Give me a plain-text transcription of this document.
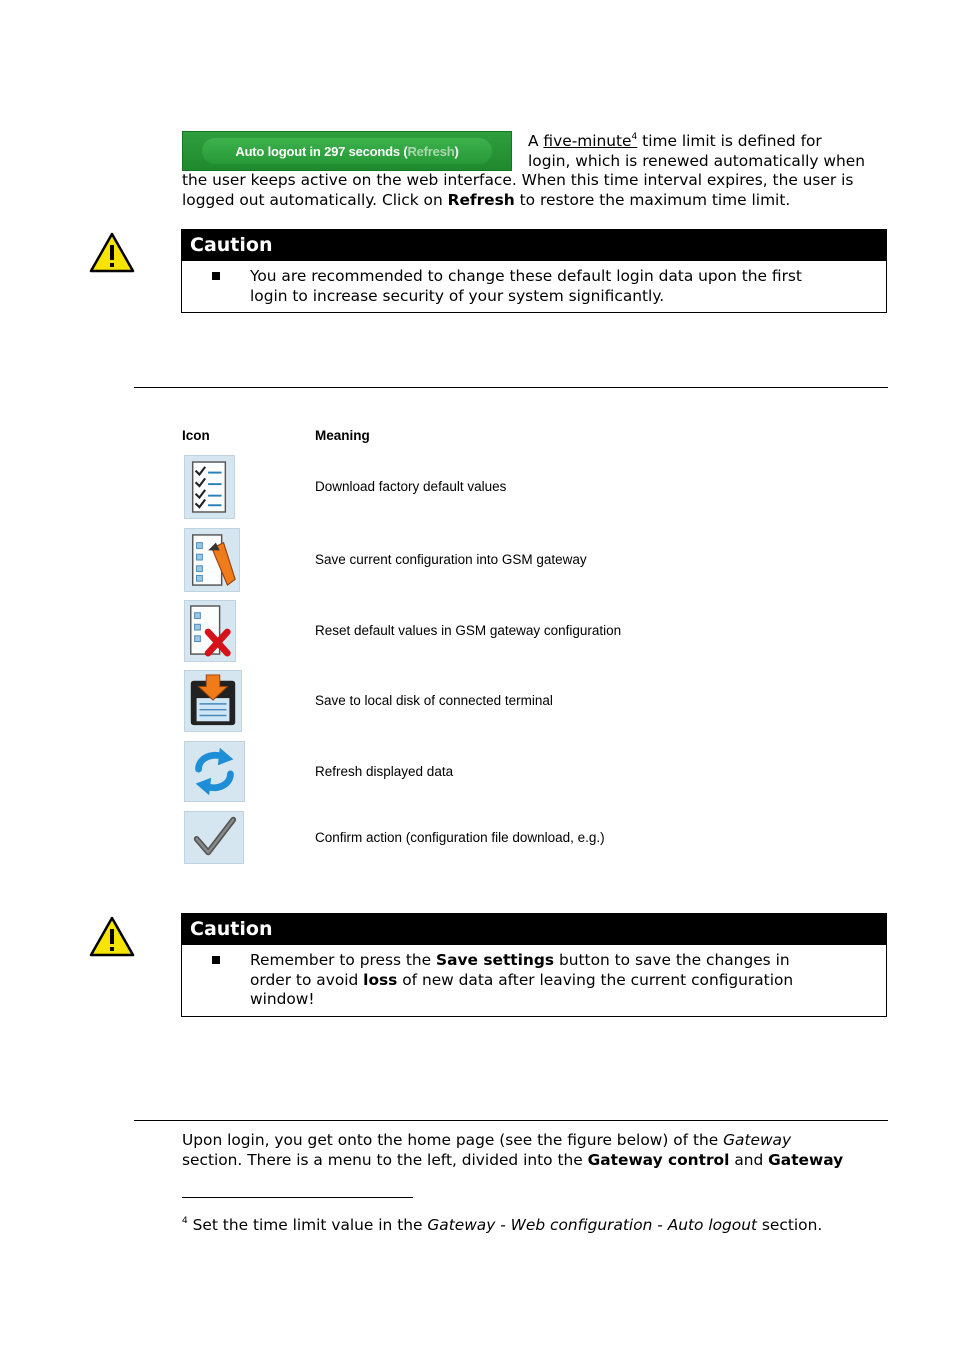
Auto logout in 297 seconds ( Refresh )
A five-minute$^4$ time limit is defined for
login, which is renewed automatically when
the user keeps active on the web interface. When this time interval expires, the user is
logged out automatically. Click on Refresh to restore the maximum time limit.
Caution
You are recommended to change these default login data upon the first
login to increase security of your system significantly.
Icon	Meaning
Download factory default values
Save current configuration into GSM gateway
Reset default values in GSM gateway configuration
Save to local disk of connected terminal
Refresh displayed data
Confirm action (configuration file download, e.g.)
Caution
Remember to press the Save settings button to save the changes in
order to avoid loss of new data after leaving the current configuration
window!
Upon login, you get onto the home page (see the figure below) of the Gateway
section. There is a menu to the left, divided into the Gateway control and Gateway
$^4$ Set the time limit value in the Gateway - Web configuration - Auto logout section.
